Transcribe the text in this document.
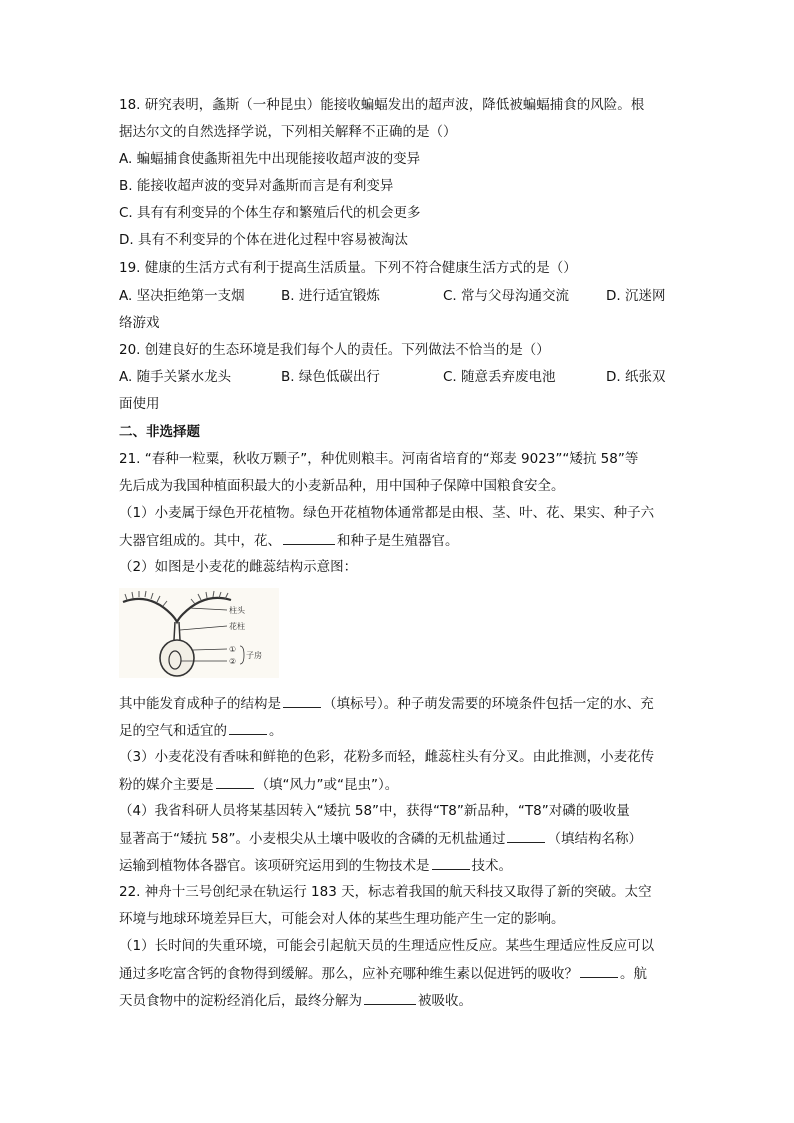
18. 研究表明，螽斯（一种昆虫）能接收蝙蝠发出的超声波，降低被蝙蝠捕食的风险。根
据达尔文的自然选择学说，下列相关解释不正确的是（）
A. 蝙蝠捕食使螽斯祖先中出现能接收超声波的变异
B. 能接收超声波的变异对螽斯而言是有利变异
C. 具有有利变异的个体生存和繁殖后代的机会更多
D. 具有不利变异的个体在进化过程中容易被淘汰
19. 健康的生活方式有利于提高生活质量。下列不符合健康生活方式的是（）
A. 坚决拒绝第一支烟	B. 进行适宜锻炼	C. 常与父母沟通交流	D. 沉迷网
络游戏
20. 创建良好的生态环境是我们每个人的责任。下列做法不恰当的是（）
A. 随手关紧水龙头	B. 绿色低碳出行	C. 随意丢弃废电池	D. 纸张双
面使用
二、非选择题
21. “春种一粒粟，秋收万颗子”，种优则粮丰。河南省培育的“郑麦 9023”“矮抗 58”等
先后成为我国种植面积最大的小麦新品种，用中国种子保障中国粮食安全。
（1）小麦属于绿色开花植物。绿色开花植物体通常都是由根、茎、叶、花、果实、种子六
大器官组成的。其中，花、	和种子是生殖器官。
（2）如图是小麦花的雌蕊结构示意图：
柱头
花柱
①
②
子房
其中能发育成种子的结构是	（填标号）。种子萌发需要的环境条件包括一定的水、充
足的空气和适宜的	。
（3）小麦花没有香味和鲜艳的色彩，花粉多而轻，雌蕊柱头有分叉。由此推测，小麦花传
粉的媒介主要是	（填“风力”或“昆虫”）。
（4）我省科研人员将某基因转入“矮抗 58”中，获得“T8”新品种，“T8”对磷的吸收量
显著高于“矮抗 58”。小麦根尖从土壤中吸收的含磷的无机盐通过	（填结构名称）
运输到植物体各器官。该项研究运用到的生物技术是	技术。
22. 神舟十三号创纪录在轨运行 183 天，标志着我国的航天科技又取得了新的突破。太空
环境与地球环境差异巨大，可能会对人体的某些生理功能产生一定的影响。
（1）长时间的失重环境，可能会引起航天员的生理适应性反应。某些生理适应性反应可以
通过多吃富含钙的食物得到缓解。那么，应补充哪种维生素以促进钙的吸收？	。航
天员食物中的淀粉经消化后，最终分解为	被吸收。
